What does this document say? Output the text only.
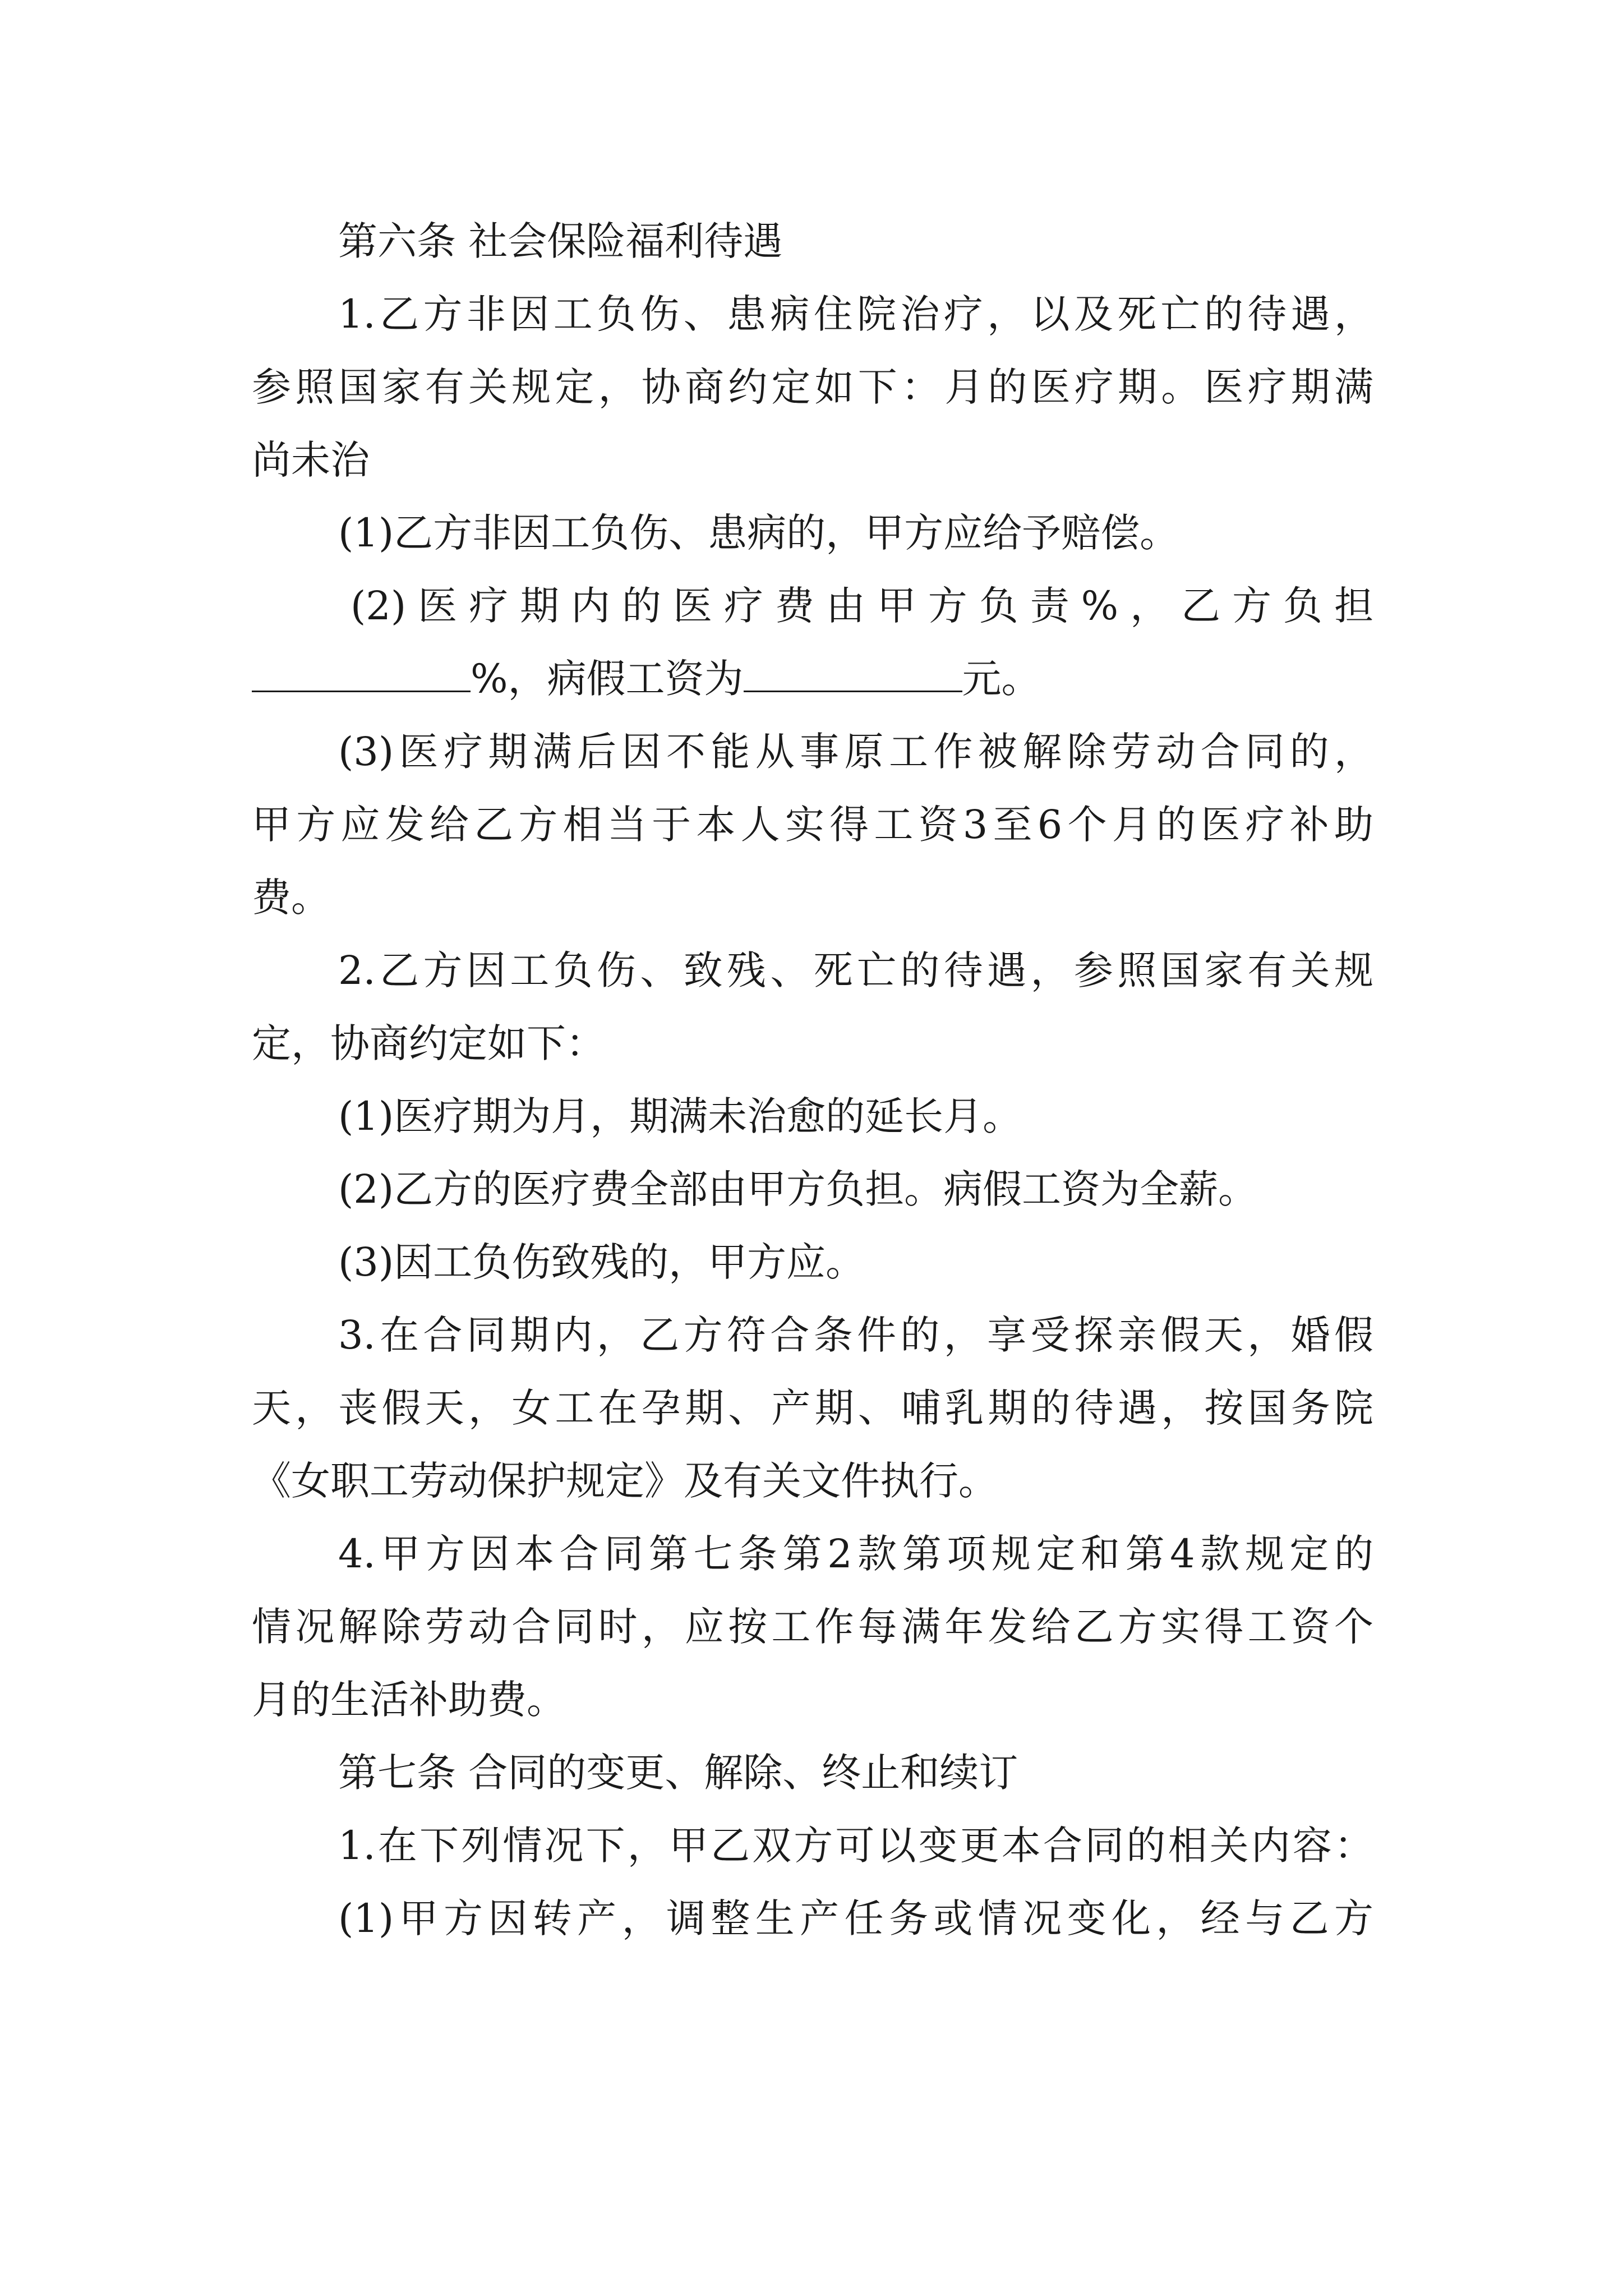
第六条 社会保险福利待遇

1.乙方非因工负伤、患病住院治疗，以及死亡的待遇，

参照国家有关规定，协商约定如下：月的医疗期。医疗期满

尚未治

(1)乙方非因工负伤、患病的，甲方应给予赔偿。

(2)医疗期内的医疗费由甲方负责%，乙方负担

%，病假工资为	元。

(3)医疗期满后因不能从事原工作被解除劳动合同的，

甲方应发给乙方相当于本人实得工资3至6个月的医疗补助

费。

2.乙方因工负伤、致残、死亡的待遇，参照国家有关规

定，协商约定如下：

(1)医疗期为月，期满未治愈的延长月。

(2)乙方的医疗费全部由甲方负担。病假工资为全薪。

(3)因工负伤致残的，甲方应。

3.在合同期内，乙方符合条件的，享受探亲假天，婚假

天，丧假天，女工在孕期、产期、哺乳期的待遇，按国务院

《女职工劳动保护规定》及有关文件执行。

4.甲方因本合同第七条第2款第项规定和第4款规定的

情况解除劳动合同时，应按工作每满年发给乙方实得工资个

月的生活补助费。

第七条 合同的变更、解除、终止和续订

1.在下列情况下，甲乙双方可以变更本合同的相关内容：

(1)甲方因转产，调整生产任务或情况变化，经与乙方
